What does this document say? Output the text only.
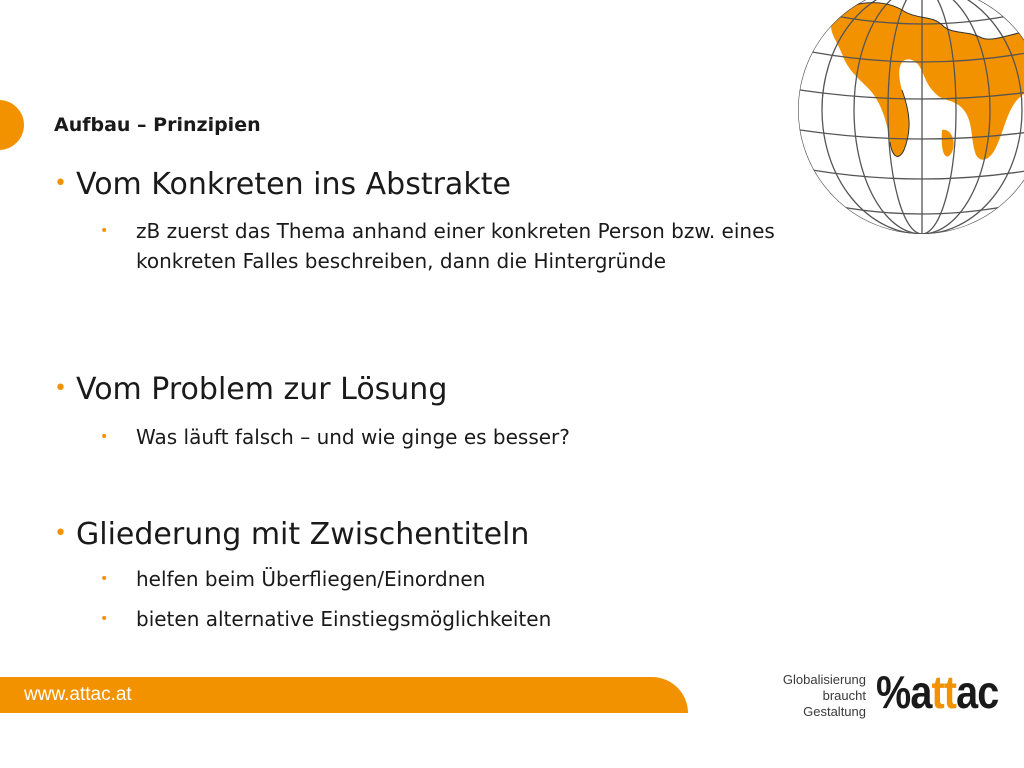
Aufbau – Prinzipien
• Vom Konkreten ins Abstrakte
• zB zuerst das Thema anhand einer konkreten Person bzw. eines konkreten Falles beschreiben, dann die Hintergründe
• Vom Problem zur Lösung
• Was läuft falsch – und wie ginge es besser?
• Gliederung mit Zwischentiteln
• helfen beim Überfliegen/Einordnen
• bieten alternative Einstiegsmöglichkeiten
www.attac.at
Globalisierung
braucht
Gestaltung %attac
